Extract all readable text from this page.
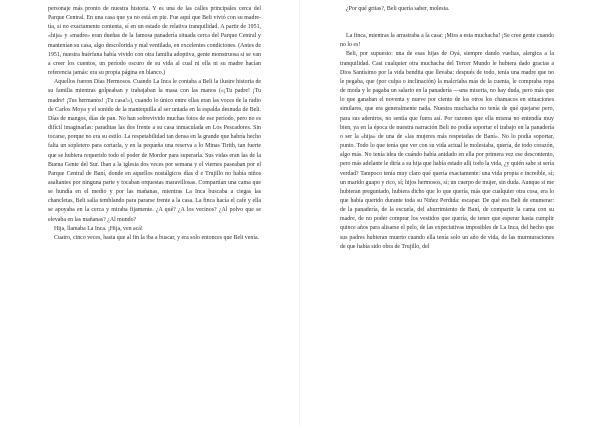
personaje más pronto de nuestra historia. Y es una de las calles principales cerca del Parque Central. En una casa que ya no está en pie. Fue aquí que Beli vivió con su madre-tía, si no exactamente contenta, sí en un estado de relativa tranquilidad. A partir de 1951, «hija» y «madre» eran dueñas de la famosa panadería situada cerca del Parque Central y mantenían su casa, algo descolorida y mal ventilada, en excelentes condiciones. (Antes de 1951, nuestra huérfana había vivido con otra familia adoptiva, gente monstruosa si se van a creer los cuentos, un período oscuro de su vida al cual ni ella ni su madre hacían referencia jamás: era su propia página en blanco.)

Aquellos fueron Días Hermosos. Cuando La Inca le contaba a Beli la ilustre historia de su familia mientras golpeaban y trabajaban la masa con las manos («¡Tu padre! ¡Tu madre! ¡Tus hermanos! ¡Tu casa!»), cuando lo único entre ellas eran las voces de la radio de Carlos Moya y el sonido de la mantequilla al ser untada en la espalda desnuda de Beli. Días de mangos, días de pan. No han sobrevivido muchas fotos de ese período, pero no es difícil imaginarlas: paraditas las dos frente a su casa inmaculada en Los Pescadores. Sin tocarse, porque no era su estilo. La respetabilidad tan densa en la grande que habría hecho falta un sopletero para cortarla, y en la pequeña una reserva a lo Minas Tirith, tan fuerte que se hubiera requerido todo el poder de Mordor para superarla. Sus vidas eran las de la Buena Gente del Sur. Iban a la iglesia dos veces por semana y el viernes paseaban por el Parque Central de Baní, donde en aquellos nostálgicos días d e Trujillo no había niños asaltantes por ninguna parte y tocaban orquestas maravillosas. Compartían una cama que se hundía en el medio y por las mañanas, mientras La Inca buscaba a ciegas las chancletas, Beli salía temblando para pararse frente a la casa. La finca hacía el cafè y ella se apoyaba en la cerca y miraba fijamente. ¿A qué? ¿A los vecinos? ¿Al polvo que se elevaba en las mañanas? ¿Al mundo?

Hija, llamaba La Inca. ¡Hija, ven acá!

Cuatro, cinco veces, hasta que al fin la iba a buscar, y era solo entonces que Beli venía.

¿Por qué gritas?, Beli quería saber, molesta.

La finca, mientras la arrastraba a la casa: ¡Mira a esta muchacha! ¡Se cree gente cuando no lo es!

Beli, por supuesto: una de esas hijas de Oyá, siempre dando vueltas, alergica a la tranquilidad. Casi cualquier otra muchacha del Tercer Mundo le hubiera dado gracias a Dios Santísimo por la vida bendita que llevaba: después de todo, tenía una madre que no le pegaba, que (por culpa o inclinación) la malcriaba más de la cuenta, le compraba ropa de moda y le pagaba un salario en la panadería —una miseria, no hay duda, pero más que lo que ganaban el noventa y nueve por ciento de los otros los chamacos en situaciones similares, que era generalmente nada. Nuestra muchacha no tenía de qué quejarse pero, para sus adentros, no sentía que fuera así. Por razones que ella misma no entendía muy bien, ya en la época de nuestra narración Beli no podía soportar el trabajo en la panadería o ser la «hija» de una de «las mujeres más respetadas de Baní». No lo podía soportar, punto. Todo lo que tenía que ver con su vida actual le molestaba, quería, de todo corazón, algo más. No tenía idea de cuándo había anidado en ella por primera vez ese descontento, pero más adelante le diría a su hija que había estado all( todo la vida, ¿y quién sabe si sería verdad? Tampoco tenía muy claro qué quería exactamente: una vida propia e increíble, sí; un marido guapo y rico, sí; hijos hermosos, sí; un cuerpo de mujer, sin duda. Aunque si me hubieran preguntado, hubiera dicho que lo que quería, más que cualquier otra cosa, era lo que había querido durante toda su Niñez Perdida: escapar. De qué era Beli de enumerar: de la panadería, de la escuela, del aburrimiento de Baní, de compartir la cama con su madre, de no poder comprar los vestidos que quería, de tener que esperar hasta cumplir quince años para alisarse el pelo, de las expectativas imposibles de La Inca, del hecho que sus padres hubieran muerto cuando ella tenía solo un año de vida, de las murmuraciones de que había sido obra de Trujillo, del
